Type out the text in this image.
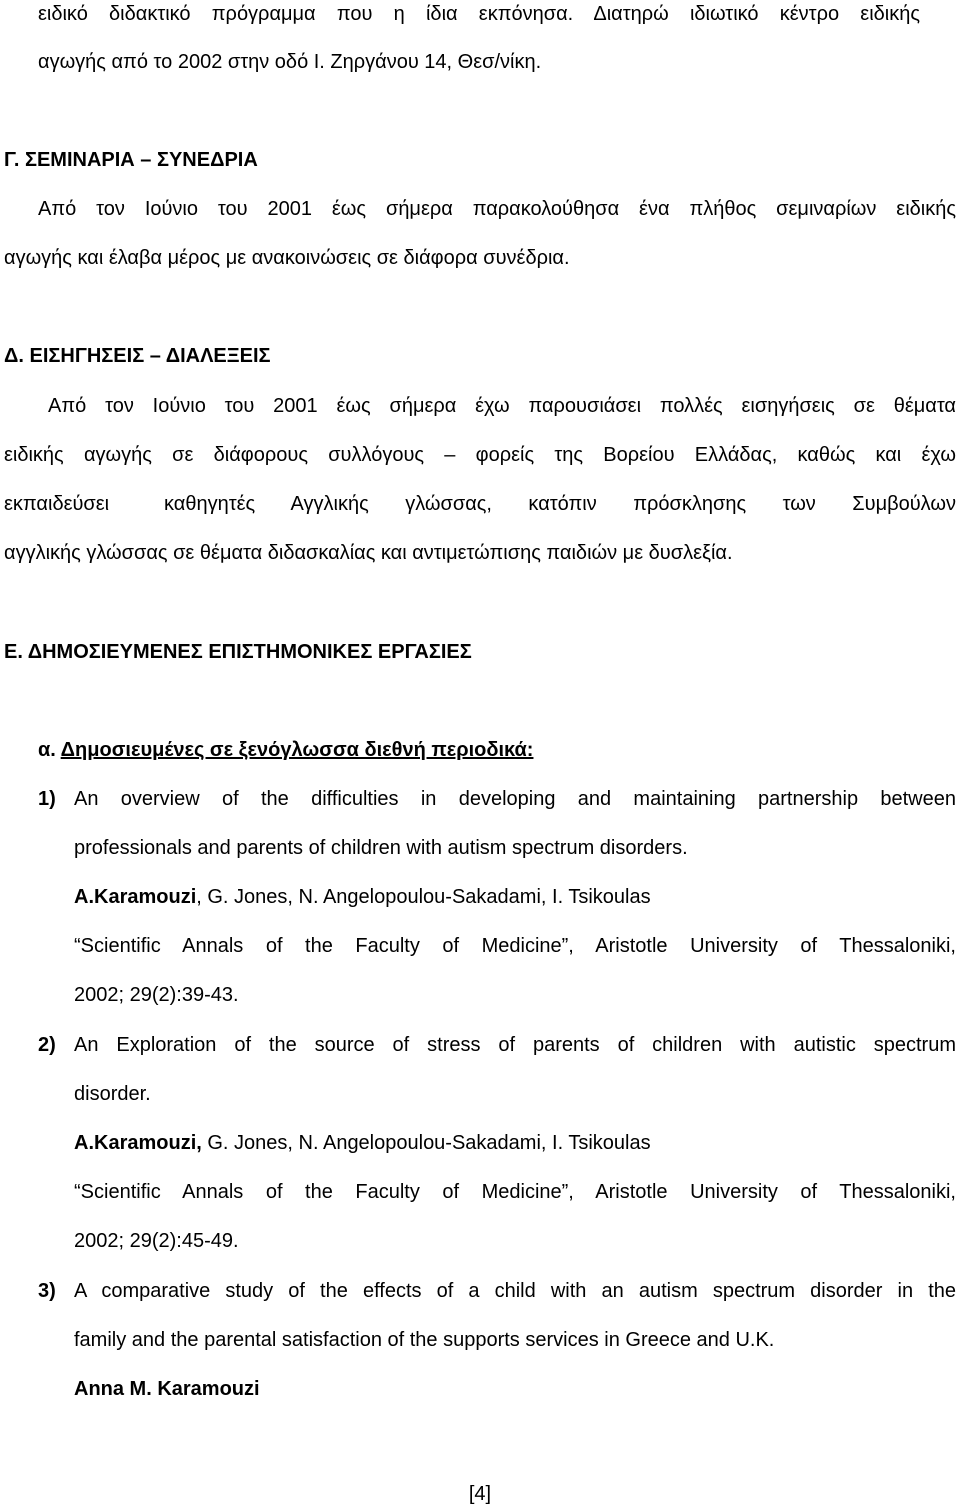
ειδικό διδακτικό πρόγραμμα που η ίδια εκπόνησα. Διατηρώ ιδιωτικό κέντρο ειδικής
αγωγής από το 2002 στην οδό Ι. Ζηργάνου 14, Θεσ/νίκη.
Γ. ΣΕΜΙΝΑΡΙΑ – ΣΥΝΕΔΡΙΑ
Από τον Ιούνιο του 2001 έως σήμερα παρακολούθησα ένα πλήθος σεμιναρίων ειδικής
αγωγής και έλαβα μέρος με ανακοινώσεις σε διάφορα συνέδρια.
Δ. ΕΙΣΗΓΗΣΕΙΣ – ΔΙΑΛΕΞΕΙΣ
Από τον Ιούνιο του 2001 έως σήμερα έχω παρουσιάσει πολλές εισηγήσεις σε θέματα
ειδικής αγωγής σε διάφορους συλλόγους – φορείς της Βορείου Ελλάδας, καθώς και έχω
εκπαιδεύσει	καθηγητές Αγγλικής γλώσσας, κατόπιν πρόσκλησης των Συμβούλων
αγγλικής γλώσσας σε θέματα διδασκαλίας και αντιμετώπισης παιδιών με δυσλεξία.
Ε. ΔΗΜΟΣΙΕΥΜΕΝΕΣ ΕΠΙΣΤΗΜΟΝΙΚΕΣ ΕΡΓΑΣΙΕΣ
α. Δημοσιευμένες σε ξενόγλωσσα διεθνή περιοδικά:
1) An overview of the difficulties in developing and maintaining partnership between
professionals and parents of children with autism spectrum disorders.
A.Karamouzi, G. Jones, N. Angelopoulou-Sakadami, I. Tsikoulas
“Scientific Annals of the Faculty of Medicine”, Aristotle University of Thessaloniki,
2002; 29(2):39-43.
2) An Exploration of the source of stress of parents of children with autistic spectrum
disorder.
A.Karamouzi, G. Jones, N. Angelopoulou-Sakadami, I. Tsikoulas
“Scientific Annals of the Faculty of Medicine”, Aristotle University of Thessaloniki,
2002; 29(2):45-49.
3) A comparative study of the effects of a child with an autism spectrum disorder in the
family and the parental satisfaction of the supports services in Greece and U.K.
Anna M. Karamouzi
[4]
